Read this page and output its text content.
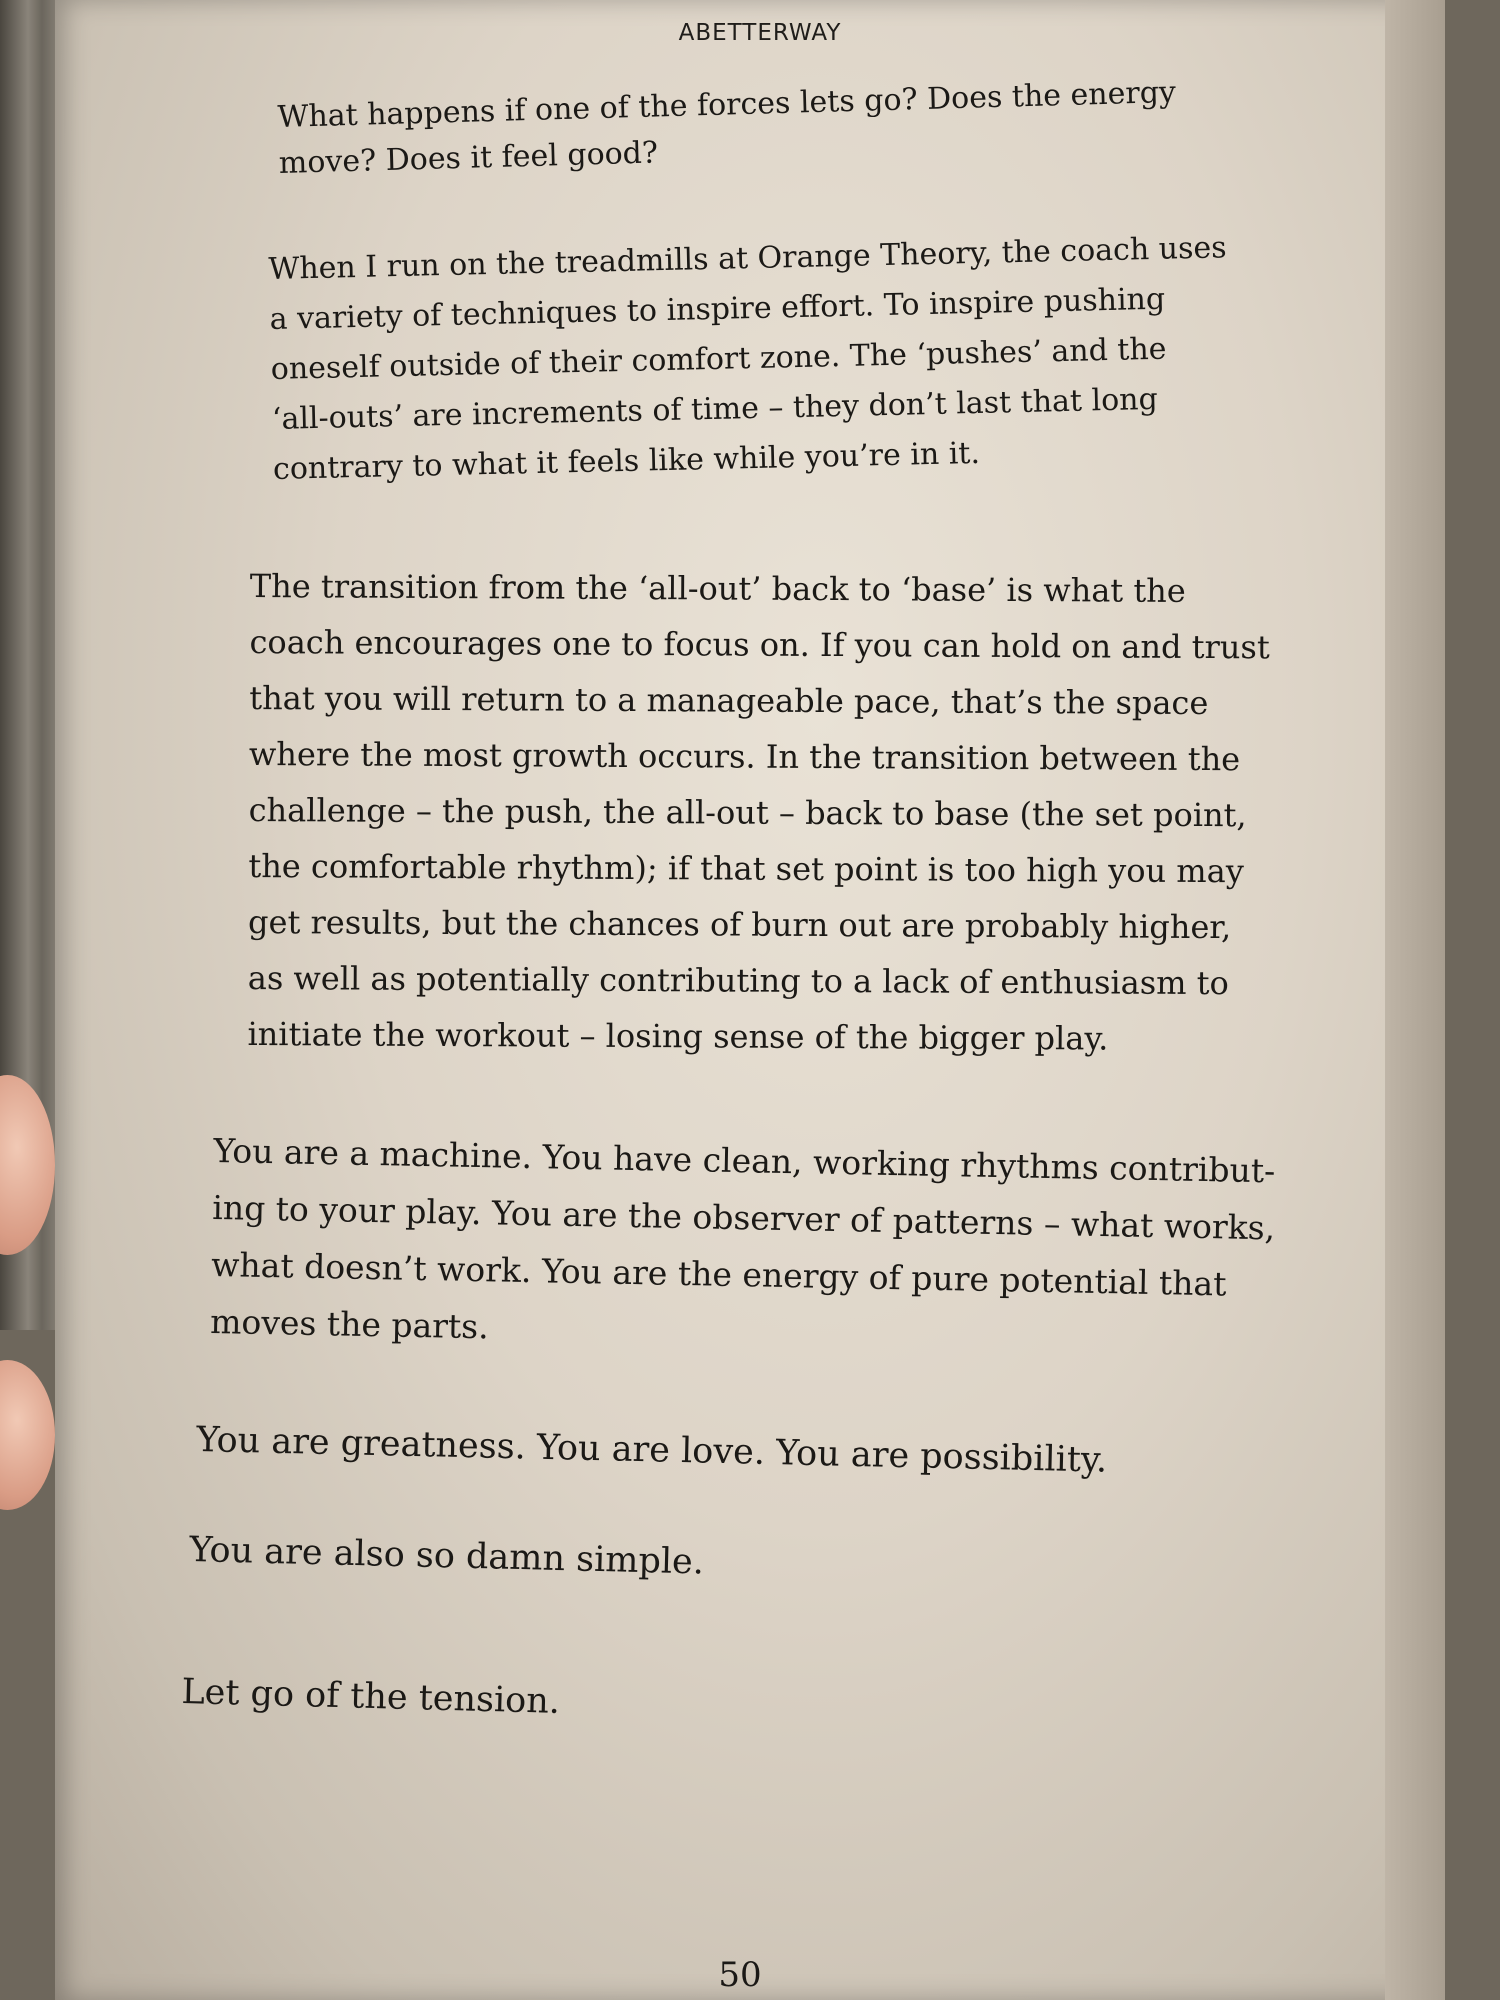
ABETTERWAY

What happens if one of the forces lets go? Does the energy
move? Does it feel good?

When I run on the treadmills at Orange Theory, the coach uses
a variety of techniques to inspire effort. To inspire pushing
oneself outside of their comfort zone. The ‘pushes’ and the
‘all-outs’ are increments of time – they don’t last that long
contrary to what it feels like while you’re in it.

The transition from the ‘all-out’ back to ‘base’ is what the
coach encourages one to focus on. If you can hold on and trust
that you will return to a manageable pace, that’s the space
where the most growth occurs. In the transition between the
challenge – the push, the all-out – back to base (the set point,
the comfortable rhythm); if that set point is too high you may
get results, but the chances of burn out are probably higher,
as well as potentially contributing to a lack of enthusiasm to
initiate the workout – losing sense of the bigger play.

You are a machine. You have clean, working rhythms contribut-
ing to your play. You are the observer of patterns – what works,
what doesn’t work. You are the energy of pure potential that
moves the parts.

You are greatness. You are love. You are possibility.

You are also so damn simple.

Let go of the tension.

50
